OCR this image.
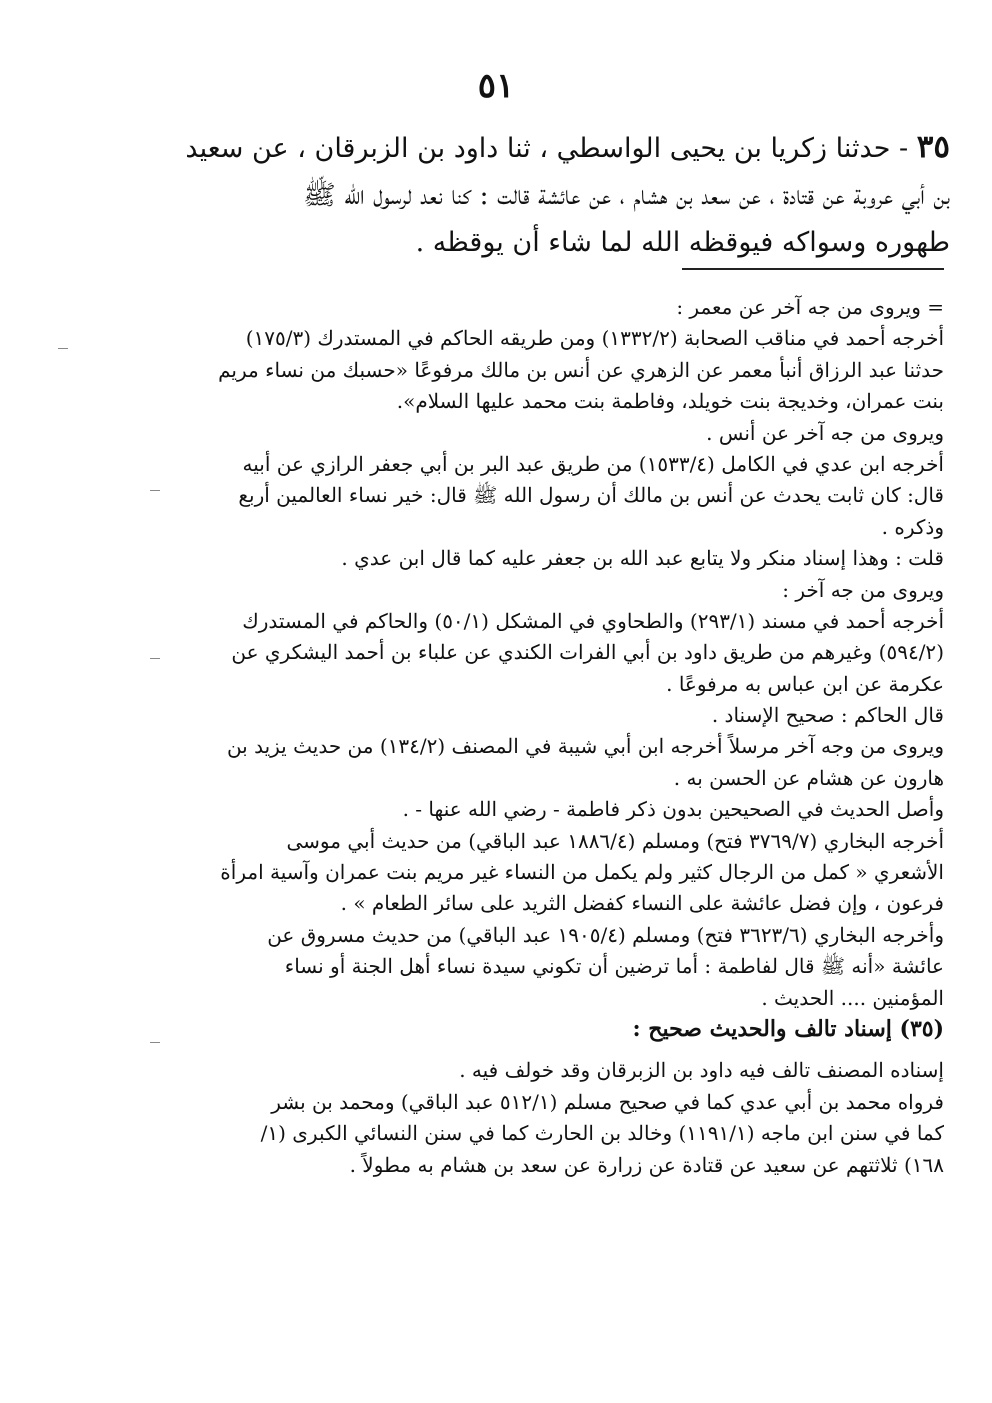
٥١
٣٥ - حدثنا زكريا بن يحيى الواسطي ، ثنا داود بن الزبرقان ، عن سعيد
بن أبي عروبة عن قتادة ، عن سعد بن هشام ، عن عائشة قالت : كنا نعد لرسول الله ﷺ
طهوره وسواكه فيوقظه الله لما شاء أن يوقظه .
= ويروى من جه آخر عن معمر :
أخرجه أحمد في مناقب الصحابة (١٣٣٢/٢) ومن طريقه الحاكم في المستدرك (١٧٥/٣)
حدثنا عبد الرزاق أنبأ معمر عن الزهري عن أنس بن مالك مرفوعًا «حسبك من نساء مريم
بنت عمران، وخديجة بنت خويلد، وفاطمة بنت محمد عليها السلام».
ويروى من جه آخر عن أنس .
أخرجه ابن عدي في الكامل (١٥٣٣/٤) من طريق عبد البر بن أبي جعفر الرازي عن أبيه
قال: كان ثابت يحدث عن أنس بن مالك أن رسول الله ﷺ قال: خير نساء العالمين أربع
وذكره .
قلت : وهذا إسناد منكر ولا يتابع عبد الله بن جعفر عليه كما قال ابن عدي .
ويروى من جه آخر :
أخرجه أحمد في مسند (٢٩٣/١) والطحاوي في المشكل (٥٠/١) والحاكم في المستدرك
(٥٩٤/٢) وغيرهم من طريق داود بن أبي الفرات الكندي عن علباء بن أحمد اليشكري عن
عكرمة عن ابن عباس به مرفوعًا .
قال الحاكم : صحيح الإسناد .
ويروى من وجه آخر مرسلاً أخرجه ابن أبي شيبة في المصنف (١٣٤/٢) من حديث يزيد بن
هارون عن هشام عن الحسن به .
وأصل الحديث في الصحيحين بدون ذكر فاطمة - رضي الله عنها - .
أخرجه البخاري (٣٧٦٩/٧ فتح) ومسلم (١٨٨٦/٤ عبد الباقي) من حديث أبي موسى
الأشعري « كمل من الرجال كثير ولم يكمل من النساء غير مريم بنت عمران وآسية امرأة
فرعون ، وإن فضل عائشة على النساء كفضل الثريد على سائر الطعام » .
وأخرجه البخاري (٣٦٢٣/٦ فتح) ومسلم (١٩٠٥/٤ عبد الباقي) من حديث مسروق عن
عائشة «أنه ﷺ قال لفاطمة : أما ترضين أن تكوني سيدة نساء أهل الجنة أو نساء
المؤمنين .... الحديث .
(٣٥) إسناد تالف والحديث صحيح :
إسناده المصنف تالف فيه داود بن الزبرقان وقد خولف فيه .
فرواه محمد بن أبي عدي كما في صحيح مسلم (٥١٢/١ عبد الباقي) ومحمد بن بشر
كما في سنن ابن ماجه (١١٩١/١) وخالد بن الحارث كما في سنن النسائي الكبرى (١/
١٦٨) ثلاثتهم عن سعيد عن قتادة عن زرارة عن سعد بن هشام به مطولاً .
